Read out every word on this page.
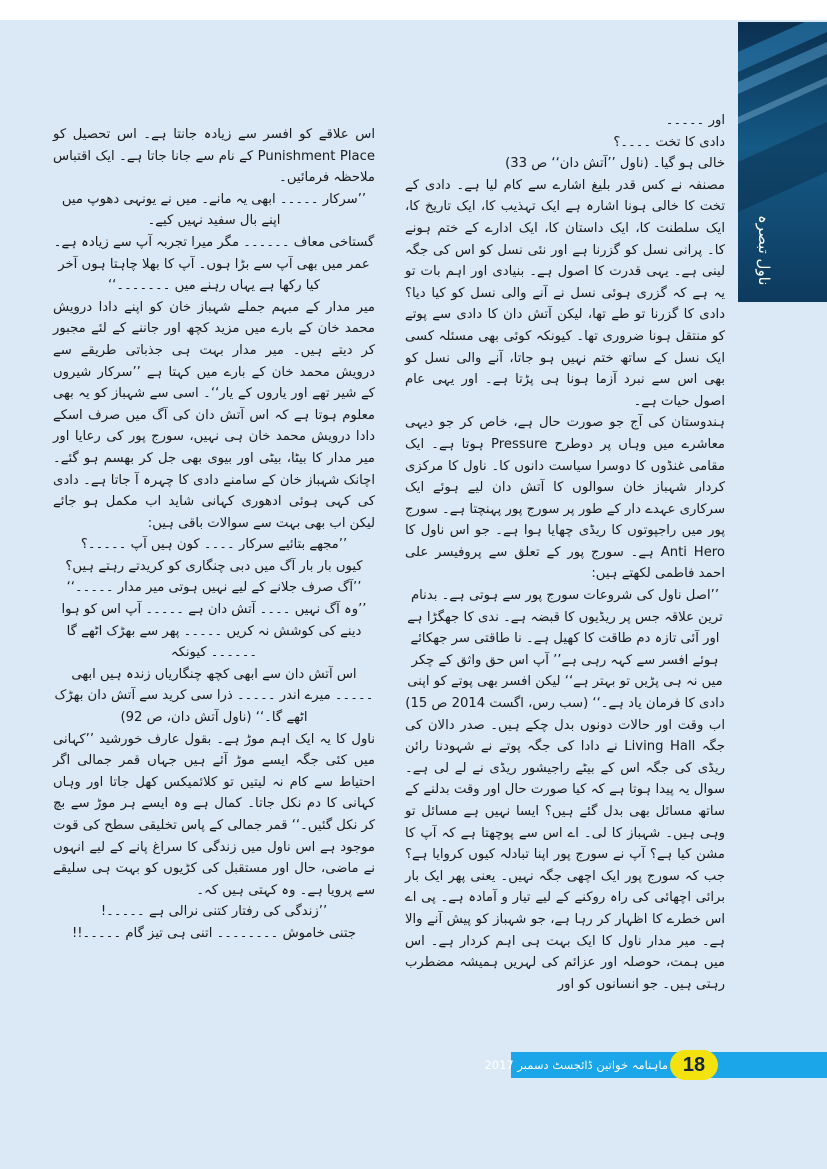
ناول تبصرہ

اور ۔۔۔۔۔

دادی کا تخت ۔۔۔۔؟

خالی ہو گیا۔ (ناول ’’آتش دان‘‘ ص 33)

مصنفہ نے کس قدر بلیغ اشارے سے کام لیا ہے۔ دادی کے تخت کا خالی ہونا اشارہ ہے ایک تہذیب کا، ایک تاریخ کا، ایک سلطنت کا، ایک داستان کا، ایک ادارے کے ختم ہونے کا۔ پرانی نسل کو گزرنا ہے اور نئی نسل کو اس کی جگہ لینی ہے۔ یہی قدرت کا اصول ہے۔ بنیادی اور اہم بات تو یہ ہے کہ گزری ہوئی نسل نے آنے والی نسل کو کیا دیا؟ دادی کا گزرنا تو طے تھا، لیکن آتش دان کا دادی سے پوتے کو منتقل ہونا ضروری تھا۔ کیونکہ کوئی بھی مسئلہ کسی ایک نسل کے ساتھ ختم نہیں ہو جاتا، آنے والی نسل کو بھی اس سے نبرد آزما ہونا ہی پڑتا ہے۔ اور یہی عام اصول حیات ہے۔

ہندوستان کی آج جو صورت حال ہے، خاص کر جو دیہی معاشرے میں وہاں پر دوطرح Pressure ہوتا ہے۔ ایک مقامی غنڈوں کا دوسرا سیاست دانوں کا۔ ناول کا مرکزی کردار شہباز خان سوالوں کا آتش دان لیے ہوئے ایک سرکاری عہدے دار کے طور پر سورج پور پہنچتا ہے۔ سورج پور میں راجپوتوں کا ریڈی چھایا ہوا ہے۔ جو اس ناول کا Anti Hero ہے۔ سورج پور کے تعلق سے پروفیسر علی احمد فاطمی لکھتے ہیں:

’’اصل ناول کی شروعات سورج پور سے ہوتی ہے۔ بدنام ترین علاقہ جس پر ریڈیوں کا قبضہ ہے۔ ندی کا جھگڑا ہے اور آئی تازہ دم طاقت کا کھیل ہے۔ نا طاقتی سر جھکائے ہوئے افسر سے کہہ رہی ہے’’ آپ اس حق واثق کے چکر میں نہ ہی پڑیں تو بہتر ہے‘‘ لیکن افسر بھی پوتے کو اپنی دادی کا فرمان یاد ہے۔‘‘ (سب رس، اگست 2014 ص 15)

اب وقت اور حالات دونوں بدل چکے ہیں۔ صدر دالان کی جگہ Living Hall نے دادا کی جگہ پوتے نے شہودنا رائن ریڈی کی جگہ اس کے بیٹے راجیشور ریڈی نے لے لی ہے۔ سوال یہ پیدا ہوتا ہے کہ کیا صورت حال اور وقت بدلنے کے ساتھ مسائل بھی بدل گئے ہیں؟ ایسا نہیں ہے مسائل تو وہی ہیں۔ شہباز کا لی۔ اے اس سے پوچھتا ہے کہ آپ کا مشن کیا ہے؟ آپ نے سورج پور اپنا تبادلہ کیوں کروایا ہے؟ جب کہ سورج پور ایک اچھی جگہ نہیں۔ یعنی پھر ایک بار برائی اچھائی کی راہ روکنے کے لیے تیار و آمادہ ہے۔ پی اے اس خطرے کا اظہار کر رہا ہے، جو شہباز کو پیش آنے والا ہے۔ میر مدار ناول کا ایک بہت ہی اہم کردار ہے۔ اس میں ہمت، حوصلہ اور عزائم کی لہریں ہمیشہ مضطرب رہتی ہیں۔ جو انسانوں کو اور

اس علاقے کو افسر سے زیادہ جانتا ہے۔ اس تحصیل کو Punishment Place کے نام سے جانا جاتا ہے۔ ایک اقتباس ملاحظہ فرمائیں۔

’’سرکار ۔۔۔۔۔ ابھی یہ مانے۔ میں نے یونہی دھوپ میں اپنے بال سفید نہیں کیے۔

گستاخی معاف ۔۔۔۔۔۔ مگر میرا تجربہ آپ سے زیادہ ہے۔ عمر میں بھی آپ سے بڑا ہوں۔ آپ کا بھلا چاہتا ہوں آخر کیا رکھا ہے یہاں رہنے میں ۔۔۔۔۔۔۔‘‘

میر مدار کے مبہم جملے شہباز خان کو اپنے دادا درویش محمد خان کے بارے میں مزید کچھ اور جاننے کے لئے مجبور کر دیتے ہیں۔ میر مدار بہت ہی جذباتی طریقے سے درویش محمد خان کے بارے میں کہتا ہے ’’سرکار شیروں کے شیر تھے اور یاروں کے یار‘‘۔ اسی سے شہباز کو یہ بھی معلوم ہوتا ہے کہ اس آتش دان کی آگ میں صرف اسکے دادا درویش محمد خان ہی نہیں، سورج پور کی رعایا اور میر مدار کا بیٹا، بیٹی اور بیوی بھی جل کر بھسم ہو گئے۔ اچانک شہباز خان کے سامنے دادی کا چہرہ آ جاتا ہے۔ دادی کی کہی ہوئی ادھوری کہانی شاید اب مکمل ہو جائے لیکن اب بھی بہت سے سوالات باقی ہیں:

’’مجھے بتائیے سرکار ۔۔۔۔ کون ہیں آپ ۔۔۔۔۔؟

کیوں بار بار آگ میں دبی چنگاری کو کریدتے رہتے ہیں؟

’’آگ صرف جلانے کے لیے نہیں ہوتی میر مدار ۔۔۔۔۔‘‘

’’وہ آگ نہیں ۔۔۔۔ آتش دان ہے ۔۔۔۔۔ آپ اس کو ہوا دینے کی کوشش نہ کریں ۔۔۔۔۔ پھر سے بھڑک اٹھے گا ۔۔۔۔۔۔ کیونکہ

اس آتش دان سے ابھی کچھ چنگاریاں زندہ ہیں ابھی ۔۔۔۔۔ میرے اندر ۔۔۔۔۔ ذرا سی کرید سے آتش دان بھڑک اٹھے گا۔‘‘ (ناول آتش دان، ص 92)

ناول کا یہ ایک اہم موڑ ہے۔ بقول عارف خورشید ’’کہانی میں کئی جگہ ایسے موڑ آئے ہیں جہاں قمر جمالی اگر احتیاط سے کام نہ لیتیں تو کلائمیکس کھل جاتا اور وہاں کہانی کا دم نکل جاتا۔ کمال ہے وہ ایسے ہر موڑ سے بچ کر نکل گئیں۔‘‘ قمر جمالی کے پاس تخلیقی سطح کی قوت موجود ہے اس ناول میں زندگی کا سراغ پانے کے لیے انہوں نے ماضی، حال اور مستقبل کی کڑیوں کو بہت ہی سلیقے سے پرویا ہے۔ وہ کہتی ہیں کہ۔

’’زندگی کی رفتار کتنی نرالی ہے ۔۔۔۔۔!

جتنی خاموش ۔۔۔۔۔۔۔۔ اتنی ہی تیز گام ۔۔۔۔۔!!

ماہنامہ خواتین ڈائجسٹ دسمبر 2017 18
